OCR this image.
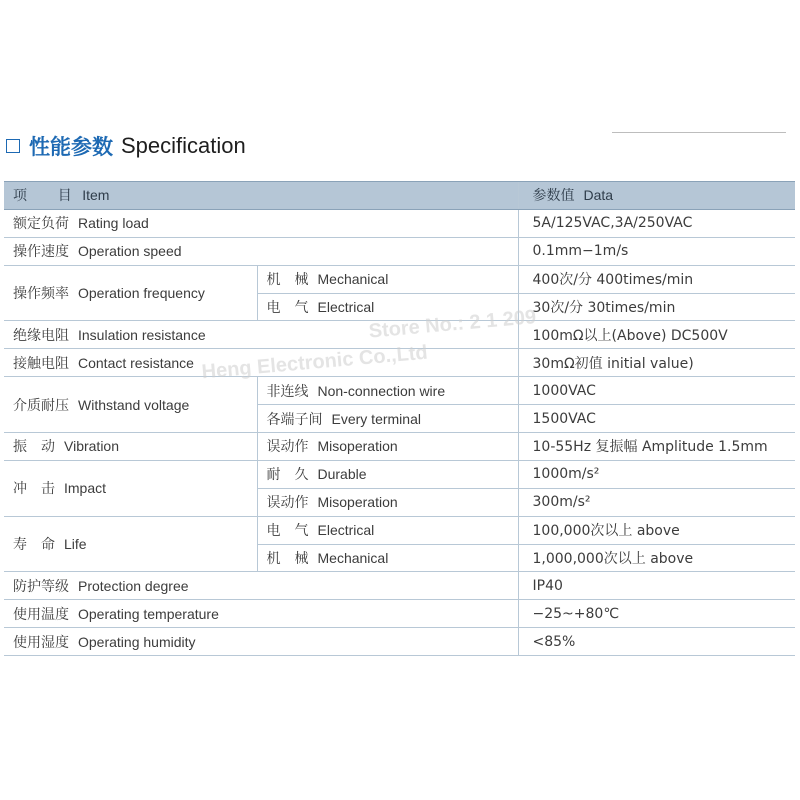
性能参数 Specification
项　目 Item		参数值 Data
额定负荷 Rating load		5A/125VAC,3A/250VAC
操作速度 Operation speed		0.1mm−1m/s
操作频率 Operation frequency	机　械 Mechanical	400次/分 400times/min
	电　气 Electrical	30次/分 30times/min
绝缘电阻 Insulation resistance		100mΩ以上(Above) DC500V
接触电阻 Contact resistance		30mΩ初值 initial value)
介质耐压 Withstand voltage	非连线 Non-connection wire	1000VAC
	各端子间 Every terminal	1500VAC
振　动 Vibration	误动作 Misoperation	10-55Hz 复振幅 Amplitude 1.5mm
冲　击 Impact	耐　久 Durable	1000m/s²
	误动作 Misoperation	300m/s²
寿　命 Life	电　气 Electrical	100,000次以上 above
	机　械 Mechanical	1,000,000次以上 above
防护等级 Protection degree		IP40
使用温度 Operating temperature		−25~+80℃
使用湿度 Operating humidity		<85%
Store No.: 2 1 209
Heng Electronic Co.,Ltd
